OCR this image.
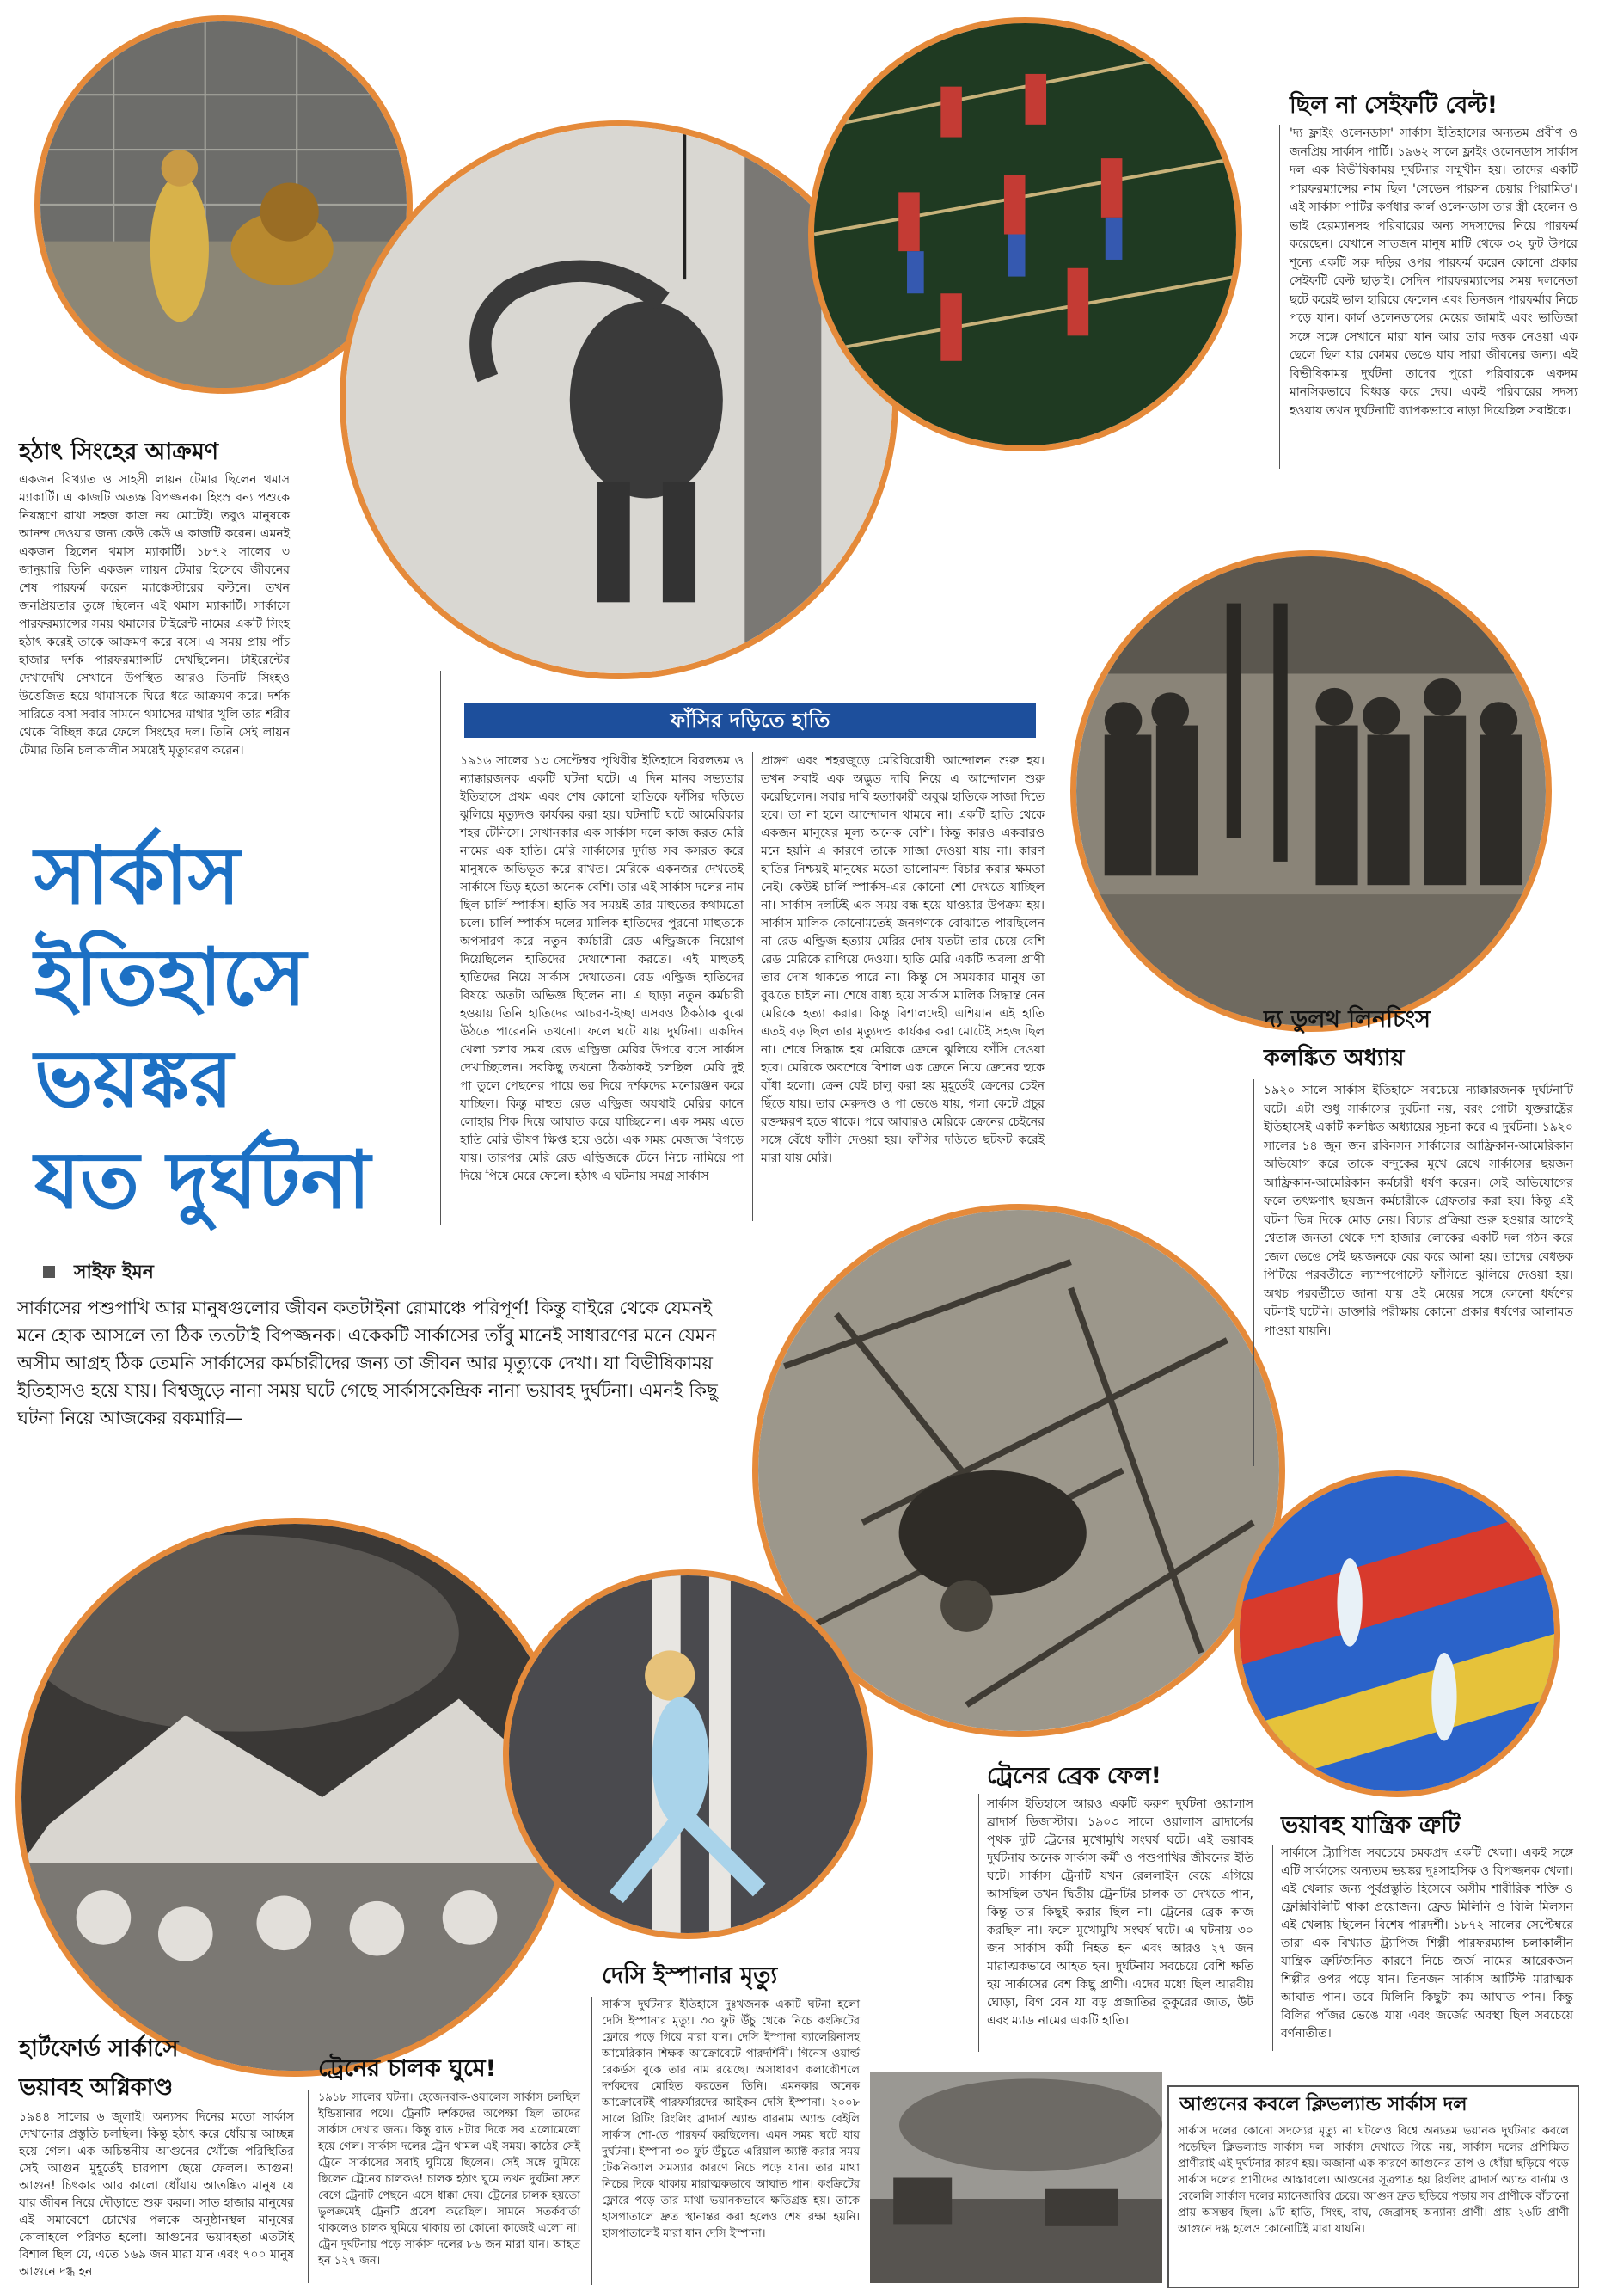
হঠাৎ সিংহের আক্রমণ
একজন বিখ্যাত ও সাহসী লায়ন টেমার ছিলেন থমাস ম্যাকার্টি। এ কাজটি অত্যন্ত বিপজ্জনক। হিংস্র বন্য পশুকে নিয়ন্ত্রণে রাখা সহজ কাজ নয় মোটেই। তবুও মানুষকে আনন্দ দেওয়ার জন্য কেউ কেউ এ কাজটি করেন। এমনই একজন ছিলেন থমাস ম্যাকার্টি। ১৮৭২ সালের ৩ জানুয়ারি তিনি একজন লায়ন টেমার হিসেবে জীবনের শেষ পারফর্ম করেন ম্যাঞ্চেস্টারের বল্টনে। তখন জনপ্রিয়তার তুঙ্গে ছিলেন এই থমাস ম্যাকার্টি। সার্কাসে পারফরম্যান্সের সময় থমাসের টাইরেন্ট নামের একটি সিংহ হঠাৎ করেই তাকে আক্রমণ করে বসে। এ সময় প্রায় পাঁচ হাজার দর্শক পারফরম্যান্সটি দেখছিলেন। টাইরেন্টের দেখাদেখি সেখানে উপস্থিত আরও তিনটি সিংহও উত্তেজিত হয়ে থামাসকে ঘিরে ধরে আক্রমণ করে। দর্শক সারিতে বসা সবার সামনে থমাসের মাথার খুলি তার শরীর থেকে বিচ্ছিন্ন করে ফেলে সিংহের দল। তিনি সেই লায়ন টেমার তিনি চলাকালীন সময়েই মৃত্যুবরণ করেন।
ছিল না সেইফটি বেল্ট!
'দ্য ফ্লাইং ওলেনডাস' সার্কাস ইতিহাসের অন্যতম প্রবীণ ও জনপ্রিয় সার্কাস পার্টি। ১৯৬২ সালে ফ্লাইং ওলেনডাস সার্কাস দল এক বিভীষিকাময় দুর্ঘটনার সম্মুখীন হয়। তাদের একটি পারফরম্যান্সের নাম ছিল 'সেভেন পারসন চেয়ার পিরামিড'। এই সার্কাস পার্টির কর্ণধার কার্ল ওলেনডাস তার স্ত্রী হেলেন ও ভাই হেরম্যানসহ পরিবারের অন্য সদস্যদের নিয়ে পারফর্ম করেছেন। যেখানে সাতজন মানুষ মাটি থেকে ৩২ ফুট উপরে শূন্যে একটি সরু দড়ির ওপর পারফর্ম করেন কোনো প্রকার সেইফটি বেল্ট ছাড়াই। সেদিন পারফরম্যান্সের সময় দলনেতা ছটে করেই ভাল হারিয়ে ফেলেন এবং তিনজন পারফর্মার নিচে পড়ে যান। কার্ল ওলেনডাসের মেয়ের জামাই এবং ভাতিজা সঙ্গে সঙ্গে সেখানে মারা যান আর তার দত্তক নেওয়া এক ছেলে ছিল যার কোমর ভেঙে যায় সারা জীবনের জন্য। এই বিভীষিকাময় দুর্ঘটনা তাদের পুরো পরিবারকে একদম মানসিকভাবে বিধ্বস্ত করে দেয়। একই পরিবারের সদস্য হওয়ায় তখন দুর্ঘটনাটি ব্যাপকভাবে নাড়া দিয়েছিল সবাইকে।
ফাঁসির দড়িতে হাতি
১৯১৬ সালের ১৩ সেপ্টেম্বর পৃথিবীর ইতিহাসে বিরলতম ও ন্যাক্কারজনক একটি ঘটনা ঘটে। এ দিন মানব সভ্যতার ইতিহাসে প্রথম এবং শেষ কোনো হাতিকে ফাঁসির দড়িতে ঝুলিয়ে মৃত্যুদণ্ড কার্যকর করা হয়। ঘটনাটি ঘটে আমেরিকার শহর টেনিসে। সেখানকার এক সার্কাস দলে কাজ করত মেরি নামের এক হাতি। মেরি সার্কাসের দুর্দান্ত সব কসরত করে মানুষকে অভিভূত করে রাখত। মেরিকে একনজর দেখতেই সার্কাসে ভিড় হতো অনেক বেশি। তার এই সার্কাস দলের নাম ছিল চার্লি স্পার্কস। হাতি সব সময়ই তার মাহুতের কথামতো চলে। চার্লি স্পার্কস দলের মালিক হাতিদের পুরনো মাহুতকে অপসারণ করে নতুন কর্মচারী রেড এল্ড্রিজকে নিয়োগ দিয়েছিলেন হাতিদের দেখাশোনা করতে। এই মাহুতই হাতিদের নিয়ে সার্কাস দেখাতেন। রেড এল্ড্রিজ হাতিদের বিষয়ে অতটা অভিজ্ঞ ছিলেন না। এ ছাড়া নতুন কর্মচারী হওয়ায় তিনি হাতিদের আচরণ-ইচ্ছা এসবও ঠিকঠাক বুঝে উঠতে পারেননি তখনো। ফলে ঘটে যায় দুর্ঘটনা। একদিন খেলা চলার সময় রেড এল্ড্রিজ মেরির উপরে বসে সার্কাস দেখাচ্ছিলেন। সবকিছু তখনো ঠিকঠাকই চলছিল। মেরি দুই পা তুলে পেছনের পায়ে ভর দিয়ে দর্শকদের মনোরঞ্জন করে যাচ্ছিল। কিন্তু মাহুত রেড এল্ড্রিজ অযথাই মেরির কানে লোহার শিক দিয়ে আঘাত করে যাচ্ছিলেন। এক সময় এতে হাতি মেরি ভীষণ ক্ষিপ্ত হয়ে ওঠে। এক সময় মেজাজ বিগড়ে যায়। তারপর মেরি রেড এল্ড্রিজকে টেনে নিচে নামিয়ে পা দিয়ে পিষে মেরে ফেলে। হঠাৎ এ ঘটনায় সমগ্র সার্কাস
প্রাঙ্গণ এবং শহরজুড়ে মেরিবিরোধী আন্দোলন শুরু হয়। তখন সবাই এক অদ্ভুত দাবি নিয়ে এ আন্দোলন শুরু করেছিলেন। সবার দাবি হত্যাকারী অবুঝ হাতিকে সাজা দিতে হবে। তা না হলে আন্দোলন থামবে না। একটি হাতি থেকে একজন মানুষের মূল্য অনেক বেশি। কিন্তু কারও একবারও মনে হয়নি এ কারণে তাকে সাজা দেওয়া যায় না। কারণ হাতির নিশ্চয়ই মানুষের মতো ভালোমন্দ বিচার করার ক্ষমতা নেই। কেউই চার্লি স্পার্কস-এর কোনো শো দেখতে যাচ্ছিল না। সার্কাস দলটিই এক সময় বন্ধ হয়ে যাওয়ার উপক্রম হয়। সার্কাস মালিক কোনোমতেই জনগণকে বোঝাতে পারছিলেন না রেড এল্ড্রিজ হত্যায় মেরির দোষ যতটা তার চেয়ে বেশি রেড মেরিকে রাগিয়ে দেওয়া। হাতি মেরি একটি অবলা প্রাণী তার দোষ থাকতে পারে না। কিন্তু সে সময়কার মানুষ তা বুঝতে চাইল না। শেষে বাধ্য হয়ে সার্কাস মালিক সিদ্ধান্ত নেন মেরিকে হত্যা করার। কিন্তু বিশালদেহী এশিয়ান এই হাতি এতই বড় ছিল তার মৃত্যুদণ্ড কার্যকর করা মোটেই সহজ ছিল না। শেষে সিদ্ধান্ত হয় মেরিকে ক্রেনে ঝুলিয়ে ফাঁসি দেওয়া হবে। মেরিকে অবশেষে বিশাল এক ক্রেনে নিয়ে ক্রেনের হুকে বাঁধা হলো। ক্রেন যেই চালু করা হয় মুহূর্তেই ক্রেনের চেইন ছিঁড়ে যায়। তার মেরুদণ্ড ও পা ভেঙে যায়, গলা কেটে প্রচুর রক্তক্ষরণ হতে থাকে। পরে আবারও মেরিকে ক্রেনের চেইনের সঙ্গে বেঁধে ফাঁসি দেওয়া হয়। ফাঁসির দড়িতে ছটফট করেই মারা যায় মেরি।
সার্কাস
ইতিহাসে
ভয়ঙ্কর
যত দুর্ঘটনা
সাইফ ইমন
সার্কাসের পশুপাখি আর মানুষগুলোর জীবন কতটাইনা রোমাঞ্চে পরিপূর্ণ! কিন্তু বাইরে থেকে যেমনই মনে হোক আসলে তা ঠিক ততটাই বিপজ্জনক। একেকটি সার্কাসের তাঁবু মানেই সাধারণের মনে যেমন অসীম আগ্রহ ঠিক তেমনি সার্কাসের কর্মচারীদের জন্য তা জীবন আর মৃত্যুকে দেখা। যা বিভীষিকাময় ইতিহাসও হয়ে যায়। বিশ্বজুড়ে নানা সময় ঘটে গেছে সার্কাসকেন্দ্রিক নানা ভয়াবহ দুর্ঘটনা। এমনই কিছু ঘটনা নিয়ে আজকের রকমারি—
দ্য ডুলথ লিনচিংস
কলঙ্কিত অধ্যায়
১৯২০ সালে সার্কাস ইতিহাসে সবচেয়ে ন্যাক্কারজনক দুর্ঘটনাটি ঘটে। এটা শুধু সার্কাসের দুর্ঘটনা নয়, বরং গোটা যুক্তরাষ্ট্রের ইতিহাসেই একটি কলঙ্কিত অধ্যায়ের সূচনা করে এ দুর্ঘটনা। ১৯২০ সালের ১৪ জুন জন রবিনসন সার্কাসের আফ্রিকান-আমেরিকান অভিযোগ করে তাকে বন্দুকের মুখে রেখে সার্কাসের ছয়জন আফ্রিকান-আমেরিকান কর্মচারী ধর্ষণ করেন। সেই অভিযোগের ফলে তৎক্ষণাৎ ছয়জন কর্মচারীকে গ্রেফতার করা হয়। কিন্তু এই ঘটনা ভিন্ন দিকে মোড় নেয়। বিচার প্রক্রিয়া শুরু হওয়ার আগেই শ্বেতাঙ্গ জনতা থেকে দশ হাজার লোকের একটি দল গঠন করে জেল ভেঙে সেই ছয়জনকে বের করে আনা হয়। তাদের বেধড়ক পিটিয়ে পরবর্তীতে ল্যাম্পপোস্টে ফাঁসিতে ঝুলিয়ে দেওয়া হয়। অথচ পরবর্তীতে জানা যায় ওই মেয়ের সঙ্গে কোনো ধর্ষণের ঘটনাই ঘটেনি। ডাক্তারি পরীক্ষায় কোনো প্রকার ধর্ষণের আলামত পাওয়া যায়নি।
ট্রেনের ব্রেক ফেল!
সার্কাস ইতিহাসে আরও একটি করুণ দুর্ঘটনা ওয়ালাস ব্রাদার্স ডিজাস্টার। ১৯০৩ সালে ওয়ালাস ব্রাদার্সের পৃথক দুটি ট্রেনের মুখোমুখি সংঘর্ষ ঘটে। এই ভয়াবহ দুর্ঘটনায় অনেক সার্কাস কর্মী ও পশুপাখির জীবনের ইতি ঘটে। সার্কাস ট্রেনটি যখন রেললাইন বেয়ে এগিয়ে আসছিল তখন দ্বিতীয় ট্রেনটির চালক তা দেখতে পান, কিন্তু তার কিছুই করার ছিল না। ট্রেনের ব্রেক কাজ করছিল না। ফলে মুখোমুখি সংঘর্ষ ঘটে। এ ঘটনায় ৩০ জন সার্কাস কর্মী নিহত হন এবং আরও ২৭ জন মারাত্মকভাবে আহত হন। দুর্ঘটনায় সবচেয়ে বেশি ক্ষতি হয় সার্কাসের বেশ কিছু প্রাণী। এদের মধ্যে ছিল আরবীয় ঘোড়া, বিগ বেন যা বড় প্রজাতির কুকুরের জাত, উট এবং ম্যাড নামের একটি হাতি।
ভয়াবহ যান্ত্রিক ত্রুটি
সার্কাসে ট্র্যাপিজ সবচেয়ে চমকপ্রদ একটি খেলা। একই সঙ্গে এটি সার্কাসের অন্যতম ভয়ঙ্কর দুঃসাহসিক ও বিপজ্জনক খেলা। এই খেলার জন্য পূর্বপ্রস্তুতি হিসেবে অসীম শারীরিক শক্তি ও ফ্লেক্সিবিলিটি থাকা প্রয়োজন। ফ্রেড মিলিনি ও বিলি মিলসন এই খেলায় ছিলেন বিশেষ পারদর্শী। ১৮৭২ সালের সেপ্টেম্বরে তারা এক বিখ্যাত ট্র্যাপিজ শিল্পী পারফরম্যান্স চলাকালীন যান্ত্রিক ত্রুটিজনিত কারণে নিচে জর্জ নামের আরেকজন শিল্পীর ওপর পড়ে যান। তিনজন সার্কাস আর্টিস্ট মারাত্মক আঘাত পান। তবে মিলিনি কিছুটা কম আঘাত পান। কিন্তু বিলির পাঁজর ভেঙে যায় এবং জর্জের অবস্থা ছিল সবচেয়ে বর্ণনাতীত।
হার্টফোর্ড সার্কাসে
ভয়াবহ অগ্নিকাণ্ড
১৯৪৪ সালের ৬ জুলাই। অন্যসব দিনের মতো সার্কাস দেখানোর প্রস্তুতি চলছিল। কিন্তু হঠাৎ করে ধোঁয়ায় আচ্ছন্ন হয়ে গেল। এক অচিন্তনীয় আগুনের খোঁজে পরিস্থিতির সেই আগুন মুহূর্তেই চারপাশ ছেয়ে ফেলল। আগুন! আগুন! চিৎকার আর কালো ধোঁয়ায় আতঙ্কিত মানুষ যে যার জীবন নিয়ে দৌড়াতে শুরু করল। সাত হাজার মানুষের এই সমাবেশে চোখের পলকে অনুষ্ঠানস্থল মানুষের কোলাহলে পরিণত হলো। আগুনের ভয়াবহতা এতটাই বিশাল ছিল যে, এতে ১৬৯ জন মারা যান এবং ৭০০ মানুষ আগুনে দগ্ধ হন।
ট্রেনের চালক ঘুমে!
১৯১৮ সালের ঘটনা। হেজেনবাক-ওয়ালেস সার্কাস চলছিল ইন্ডিয়ানার পথে। ট্রেনটি দর্শকদের অপেক্ষা ছিল তাদের সার্কাস দেখার জন্য। কিন্তু রাত ৪টার দিকে সব এলোমেলো হয়ে গেল। সার্কাস দলের ট্রেন থামল এই সময়। কাঠের সেই ট্রেনে সার্কাসের সবাই ঘুমিয়ে ছিলেন। সেই সঙ্গে ঘুমিয়ে ছিলেন ট্রেনের চালকও! চালক হঠাৎ ঘুমে তখন দুর্ঘটনা দ্রুত বেগে ট্রেনটি পেছনে এসে ধাক্কা দেয়। ট্রেনের চালক হয়তো ভুলক্রমেই ট্রেনটি প্রবেশ করেছিল। সামনে সতর্কবার্তা থাকলেও চালক ঘুমিয়ে থাকায় তা কোনো কাজেই এলো না। ট্রেন দুর্ঘটনায় পড়ে সার্কাস দলের ৮৬ জন মারা যান। আহত হন ১২৭ জন।
দেসি ইস্পানার মৃত্যু
সার্কাস দুর্ঘটনার ইতিহাসে দুঃখজনক একটি ঘটনা হলো দেসি ইস্পানার মৃত্যু। ৩০ ফুট উঁচু থেকে নিচে কংক্রিটের ফ্লোরে পড়ে গিয়ে মারা যান। দেসি ইস্পানা ব্যালেরিনাসহ আমেরিকান শিক্ষক আক্রোবেটে পারদর্শিনী। গিনেস ওয়ার্ল্ড রেকর্ডস বুকে তার নাম রয়েছে। অসাধারণ কলাকৌশলে দর্শকদের মোহিত করতেন তিনি। এমনকার অনেক আক্রোবেটই পারফর্মারদের আইকন দেসি ইস্পানা। ২০০৮ সালে রিটিং রিংলিং ব্রাদার্স অ্যান্ড বারনাম অ্যান্ড বেইলি সার্কাস শো-তে পারফর্ম করছিলেন। এমন সময় ঘটে যায় দুর্ঘটনা। ইস্পানা ৩০ ফুট উঁচুতে এরিয়াল অ্যাক্ট করার সময় টেকনিক্যাল সমস্যার কারণে নিচে পড়ে যান। তার মাথা নিচের দিকে থাকায় মারাত্মকভাবে আঘাত পান। কংক্রিটের ফ্লোরে পড়ে তার মাথা ভয়ানকভাবে ক্ষতিগ্রস্ত হয়। তাকে হাসপাতালে দ্রুত স্থানান্তর করা হলেও শেষ রক্ষা হয়নি। হাসপাতালেই মারা যান দেসি ইস্পানা।
আগুনের কবলে ক্লিভল্যান্ড সার্কাস দল
সার্কাস দলের কোনো সদস্যের মৃত্যু না ঘটলেও বিশ্বে অন্যতম ভয়ানক দুর্ঘটনার কবলে পড়েছিল ক্লিভল্যান্ড সার্কাস দল। সার্কাস দেখাতে গিয়ে নয়, সার্কাস দলের প্রশিক্ষিত প্রাণীরাই এই দুর্ঘটনার কারণ হয়। অজানা এক কারণে আগুনের তাপ ও ধোঁয়া ছড়িয়ে পড়ে সার্কাস দলের প্রাণীদের আস্তাবলে। আগুনের সূত্রপাত হয় রিংলিং ব্রাদার্স অ্যান্ড বার্নাম ও বেলেলি সার্কাস দলের ম্যানেজারির চেয়ে। আগুন দ্রুত ছড়িয়ে পড়ায় সব প্রাণীকে বাঁচানো প্রায় অসম্ভব ছিল। ৯টি হাতি, সিংহ, বাঘ, জেব্রাসহ অন্যান্য প্রাণী। প্রায় ২৬টি প্রাণী আগুনে দগ্ধ হলেও কোনোটিই মারা যায়নি।
